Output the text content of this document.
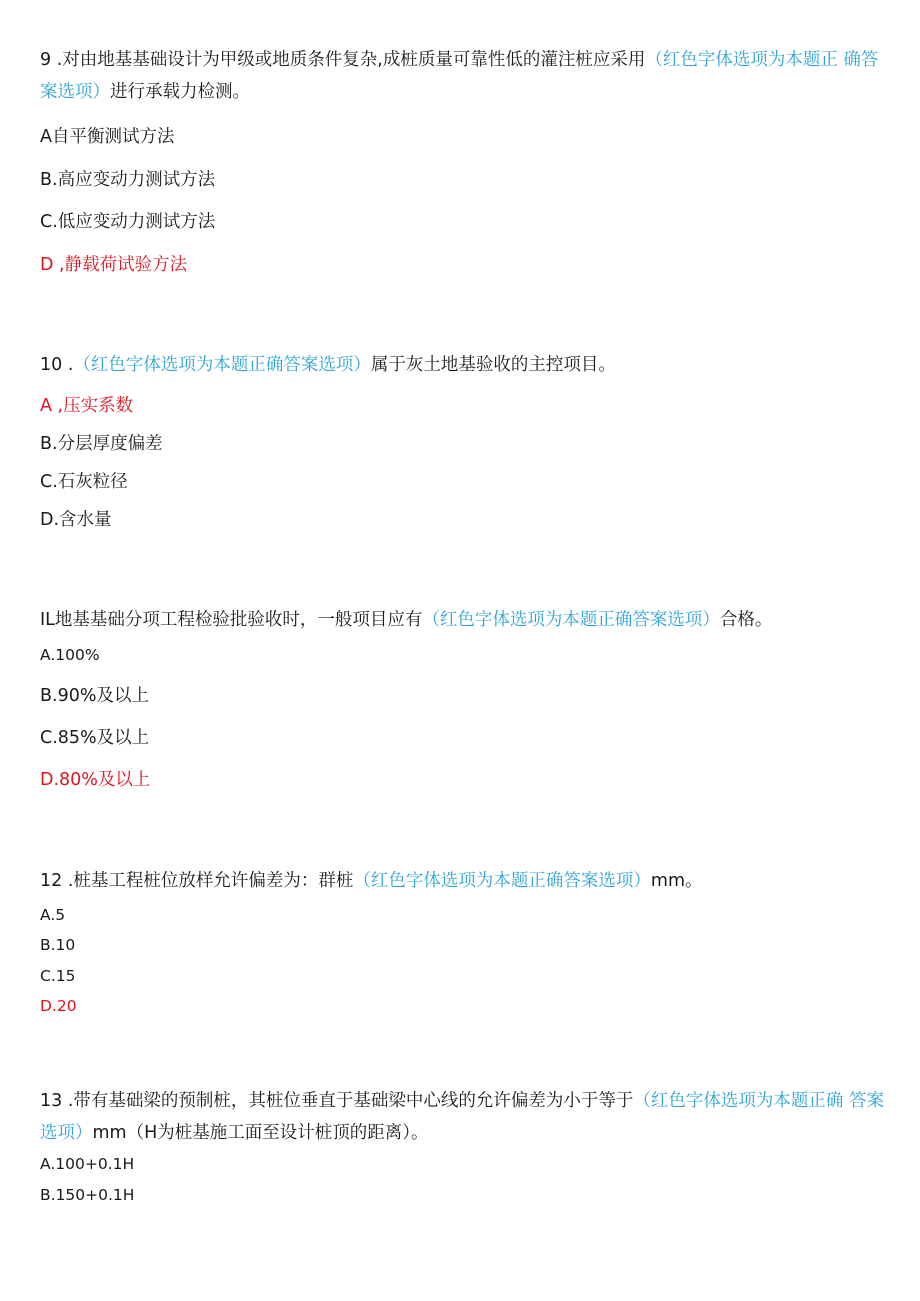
9 .对由地基基础设计为甲级或地质条件复杂,成桩质量可靠性低的灌注桩应采用（红色字体选项为本题正 确答案选项）进行承载力检测。
A自平衡测试方法
B.高应变动力测试方法
C.低应变动力测试方法
D ,静载荷试验方法
10 .（红色字体选项为本题正确答案选项）属于灰土地基验收的主控项目。
A ,压实系数
B.分层厚度偏差
C.石灰粒径
D.含水量
IL地基基础分项工程检验批验收时，一般项目应有（红色字体选项为本题正确答案选项）合格。
A.100%
B.90%及以上
C.85%及以上
D.80%及以上
12 .桩基工程桩位放样允许偏差为：群桩（红色字体选项为本题正确答案选项）mm。
A.5
B.10
C.15
D.20
13 .带有基础梁的预制桩，其桩位垂直于基础梁中心线的允许偏差为小于等于（红色字体选项为本题正确 答案选项）mm（H为桩基施工面至设计桩顶的距离）。
A.100+0.1H
B.150+0.1H
